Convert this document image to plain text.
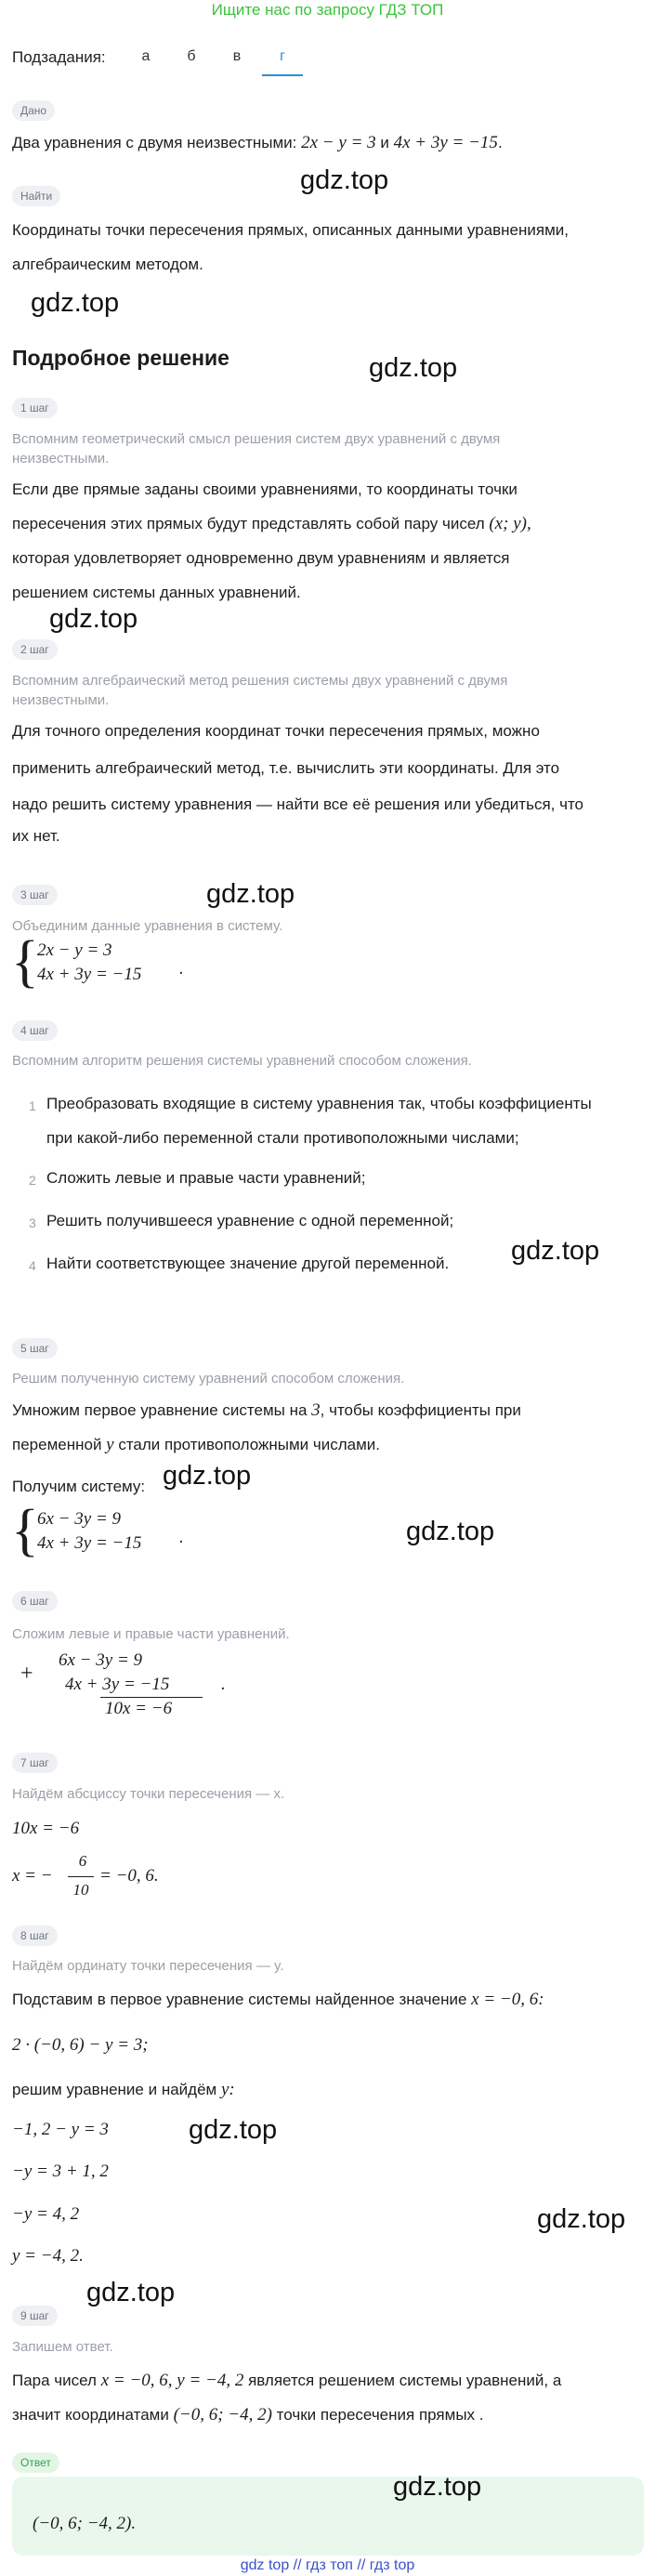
Ищите нас по запросу ГДЗ ТОП
Подзадания:	а	б	в	г
Дано
Два уравнения с двумя неизвестными: 2x − y = 3 и 4x + 3y = −15.
gdz.top
Найти
Координаты точки пересечения прямых, описанных данными уравнениями,
алгебраическим методом.
gdz.top
Подробное решение	gdz.top
1 шаг
Вспомним геометрический смысл решения систем двух уравнений с двумя
неизвестными.
Если две прямые заданы своими уравнениями, то координаты точки
пересечения этих прямых будут представлять собой пару чисел (x; y),
которая удовлетворяет одновременно двум уравнениям и является
решением системы данных уравнений.
gdz.top
2 шаг
Вспомним алгебраический метод решения системы двух уравнений с двумя
неизвестными.
Для точного определения координат точки пересечения прямых, можно
применить алгебраический метод, т.е. вычислить эти координаты. Для это
надо решить систему уравнения — найти все её решения или убедиться, что
их нет.
3 шаг	gdz.top
Объединим данные уравнения в систему.
{
2x − y = 3
4x + 3y = −15 .
4 шаг
Вспомним алгоритм решения системы уравнений способом сложения.
1 Преобразовать входящие в систему уравнения так, чтобы коэффициенты
при какой-либо переменной стали противоположными числами;
2 Сложить левые и правые части уравнений;
3 Решить получившееся уравнение с одной переменной;
4 Найти соответствующее значение другой переменной. gdz.top
5 шаг
Решим полученную систему уравнений способом сложения.
Умножим первое уравнение системы на 3, чтобы коэффициенты при
переменной y стали противоположными числами.
Получим систему: gdz.top
{
6x − 3y = 9
4x + 3y = −15 .	gdz.top
6 шаг
Сложим левые и правые части уравнений.
+
6x − 3y = 9
4x + 3y = −15
10x = −6
.
7 шаг
Найдём абсциссу точки пересечения — x.
10x = −6
x = −
6
10
= −0, 6.
8 шаг
Найдём ординату точки пересечения — y.
Подставим в первое уравнение системы найденное значение x = −0, 6:
2 · (−0, 6) − y = 3;
решим уравнение и найдём y:
−1, 2 − y = 3	gdz.top
−y = 3 + 1, 2
−y = 4, 2	gdz.top
y = −4, 2.
gdz.top
9 шаг
Запишем ответ.
Пара чисел x = −0, 6, y = −4, 2 является решением системы уравнений, а
значит координатами (−0, 6; −4, 2) точки пересечения прямых .
Ответ
gdz.top
(−0, 6; −4, 2).
gdz top // гдз топ // гдз top
